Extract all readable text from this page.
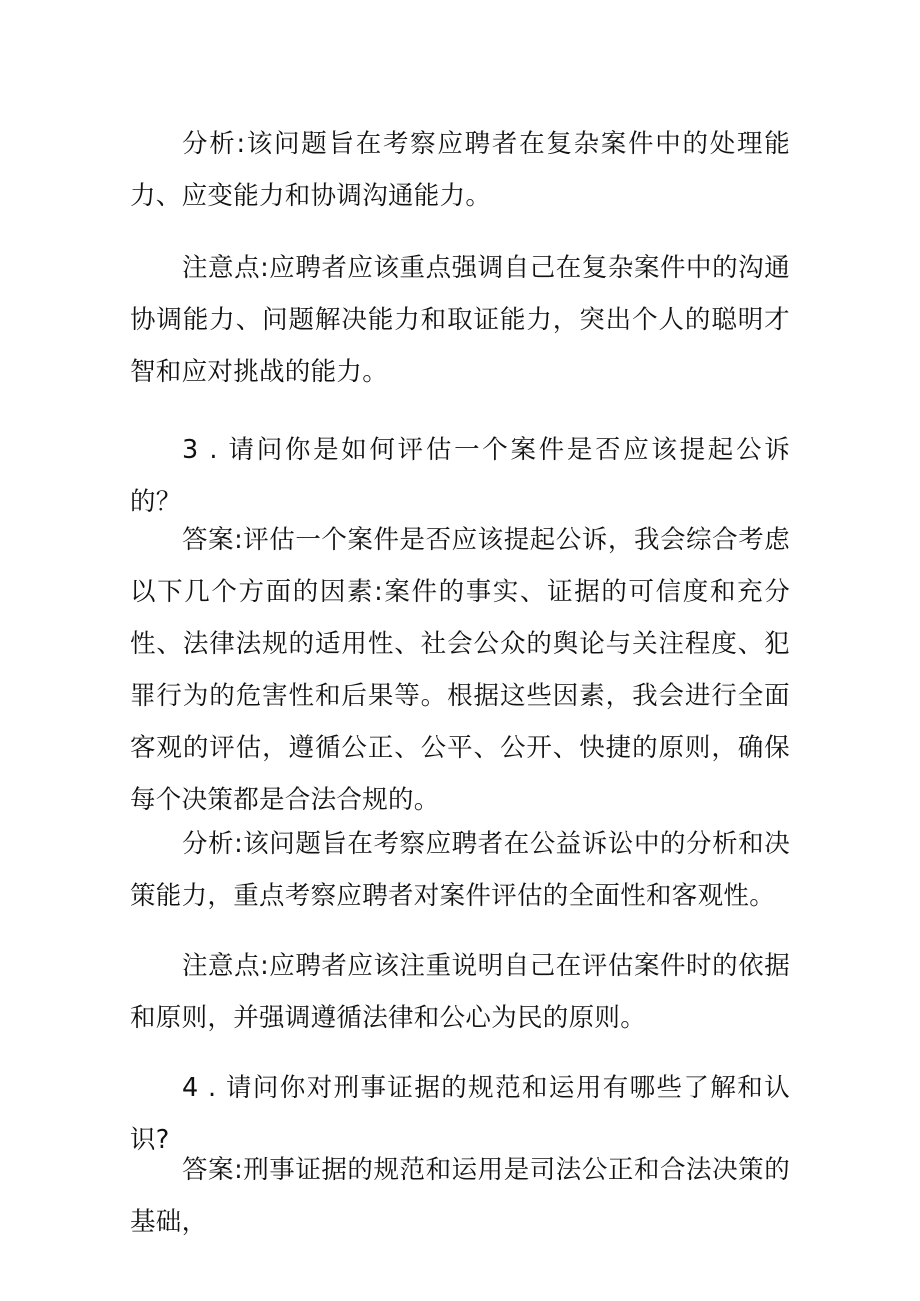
分析:该问题旨在考察应聘者在复杂案件中的处理能力、应变能力和协调沟通能力。

注意点:应聘者应该重点强调自己在复杂案件中的沟通协调能力、问题解决能力和取证能力，突出个人的聪明才智和应对挑战的能力。

3 . 请问你是如何评估一个案件是否应该提起公诉的？

答案:评估一个案件是否应该提起公诉，我会综合考虑以下几个方面的因素:案件的事实、证据的可信度和充分性、法律法规的适用性、社会公众的舆论与关注程度、犯罪行为的危害性和后果等。根据这些因素，我会进行全面客观的评估，遵循公正、公平、公开、快捷的原则，确保每个决策都是合法合规的。

分析:该问题旨在考察应聘者在公益诉讼中的分析和决策能力，重点考察应聘者对案件评估的全面性和客观性。

注意点:应聘者应该注重说明自己在评估案件时的依据和原则，并强调遵循法律和公心为民的原则。

4 . 请问你对刑事证据的规范和运用有哪些了解和认识?

答案:刑事证据的规范和运用是司法公正和合法决策的基础，
